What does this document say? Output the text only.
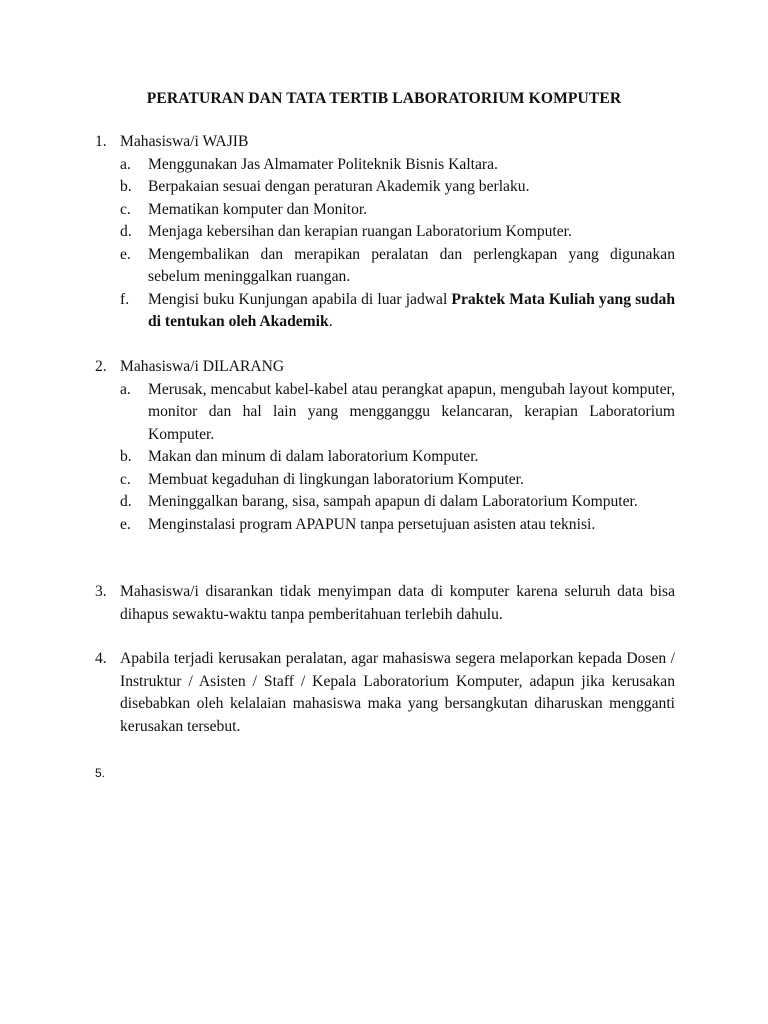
PERATURAN DAN TATA TERTIB LABORATORIUM KOMPUTER
1. Mahasiswa/i WAJIB
a. Menggunakan Jas Almamater Politeknik Bisnis Kaltara.
b. Berpakaian sesuai dengan peraturan Akademik yang berlaku.
c. Mematikan komputer dan Monitor.
d. Menjaga kebersihan dan kerapian ruangan Laboratorium Komputer.
e. Mengembalikan dan merapikan peralatan dan perlengkapan yang digunakan sebelum meninggalkan ruangan.
f. Mengisi buku Kunjungan apabila di luar jadwal Praktek Mata Kuliah yang sudah di tentukan oleh Akademik.
2. Mahasiswa/i DILARANG
a. Merusak, mencabut kabel-kabel atau perangkat apapun, mengubah layout komputer, monitor dan hal lain yang mengganggu kelancaran, kerapian Laboratorium Komputer.
b. Makan dan minum di dalam laboratorium Komputer.
c. Membuat kegaduhan di lingkungan laboratorium Komputer.
d. Meninggalkan barang, sisa, sampah apapun di dalam Laboratorium Komputer.
e. Menginstalasi program APAPUN tanpa persetujuan asisten atau teknisi.
3. Mahasiswa/i disarankan tidak menyimpan data di komputer karena seluruh data bisa dihapus sewaktu-waktu tanpa pemberitahuan terlebih dahulu.
4. Apabila terjadi kerusakan peralatan, agar mahasiswa segera melaporkan kepada Dosen / Instruktur / Asisten / Staff / Kepala Laboratorium Komputer, adapun jika kerusakan disebabkan oleh kelalaian mahasiswa maka yang bersangkutan diharuskan mengganti kerusakan tersebut.
5.
